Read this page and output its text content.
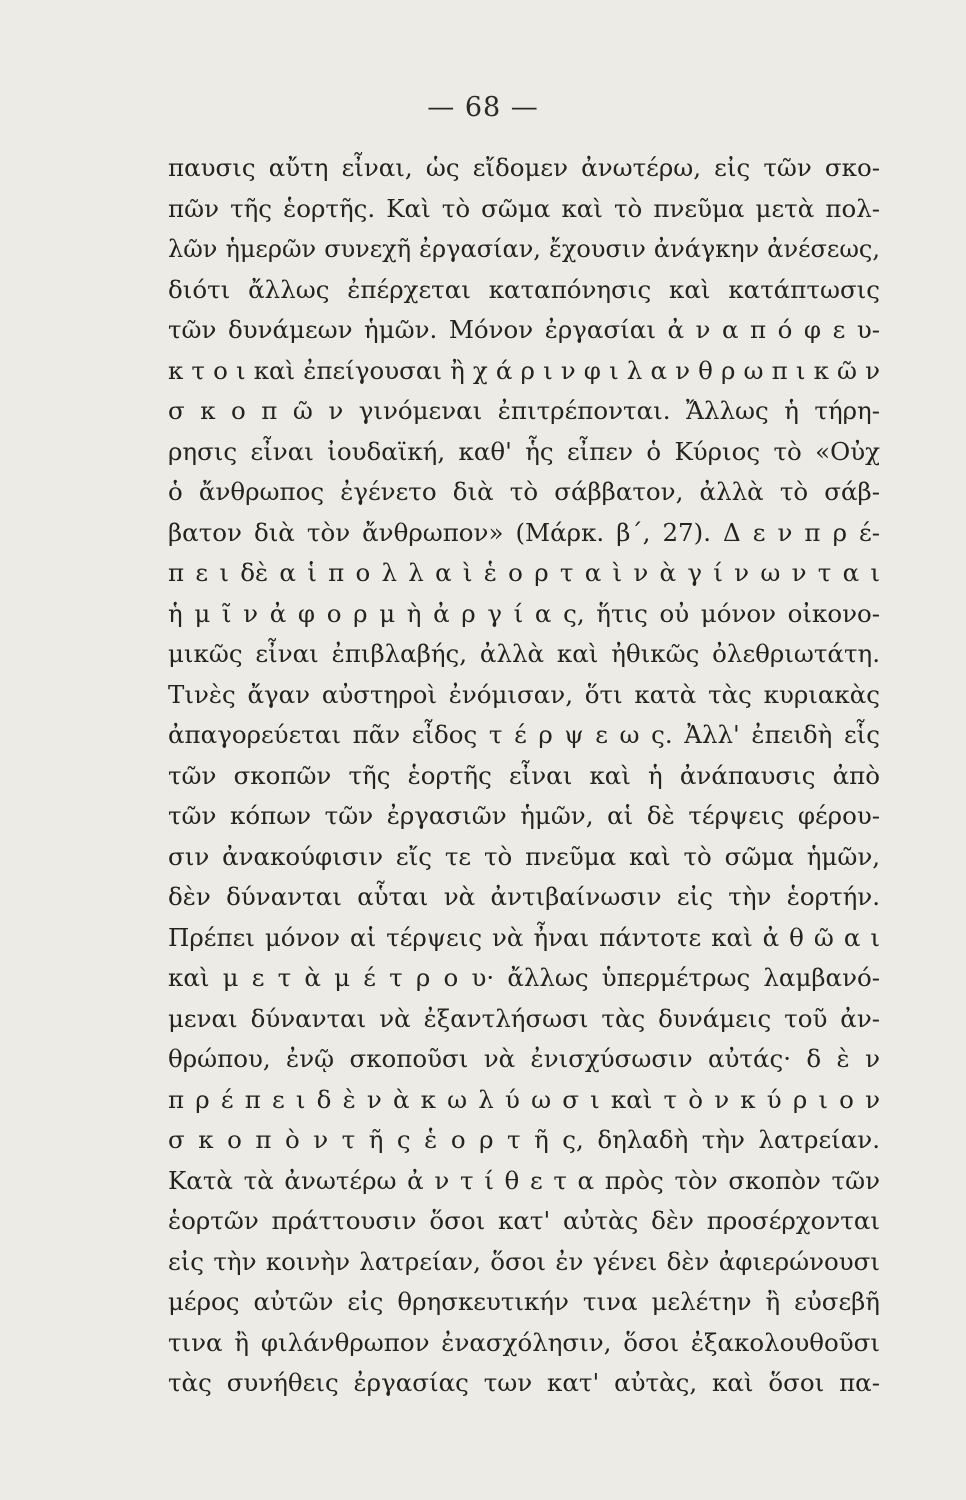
— 68 —
παυσις αὔτη εἶναι, ὡς εἴδομεν ἀνωτέρω, εἰς τῶν σκο-
πῶν τῆς ἑορτῆς. Καὶ τὸ σῶμα καὶ τὸ πνεῦμα μετὰ πολ-
λῶν ἡμερῶν συνεχῆ ἐργασίαν, ἔχουσιν ἀνάγκην ἀνέσεως,
διότι ἄλλως ἐπέρχεται καταπόνησις καὶ κατάπτωσις
τῶν δυνάμεων ἡμῶν. Μόνον ἐργασίαι ἀ ν α π ό φ ε υ-
κ τ ο ι καὶ ἐπείγουσαι ἢ χ ά ρ ι ν φ ι λ α ν θ ρ ω π ι κ ῶ ν
σ κ ο π ῶ ν γινόμεναι ἐπιτρέπονται. Ἄλλως ἡ τήρη-
ρησις εἶναι ἰουδαϊκή, καθ' ἧς εἶπεν ὁ Κύριος τὸ «Οὐχ
ὁ ἄνθρωπος ἐγένετο διὰ τὸ σάββατον, ἀλλὰ τὸ σάβ-
βατον διὰ τὸν ἄνθρωπον» (Μάρκ. β΄, 27). Δ ε ν π ρ έ-
π ε ι δὲ α ἱ π ο λ λ α ὶ ἑ ο ρ τ α ὶ ν ὰ γ ί ν ω ν τ α ι
ἡ μ ῖ ν ἀ φ ο ρ μ ὴ ἀ ρ γ ί α ς, ἥτις οὐ μόνον οἰκονο-
μικῶς εἶναι ἐπιβλαβής, ἀλλὰ καὶ ἠθικῶς ὀλεθριωτάτη.
Τινὲς ἄγαν αὐστηροὶ ἐνόμισαν, ὅτι κατὰ τὰς κυριακὰς
ἀπαγορεύεται πᾶν εἶδος τ έ ρ ψ ε ω ς. Ἀλλ' ἐπειδὴ εἷς
τῶν σκοπῶν τῆς ἑορτῆς εἶναι καὶ ἡ ἀνάπαυσις ἀπὸ
τῶν κόπων τῶν ἐργασιῶν ἡμῶν, αἱ δὲ τέρψεις φέρου-
σιν ἀνακούφισιν εἴς τε τὸ πνεῦμα καὶ τὸ σῶμα ἡμῶν,
δὲν δύνανται αὗται νὰ ἀντιβαίνωσιν εἰς τὴν ἑορτήν.
Πρέπει μόνον αἱ τέρψεις νὰ ἦναι πάντοτε καὶ ἀ θ ῶ α ι
καὶ μ ε τ ὰ μ έ τ ρ ο υ· ἄλλως ὑπερμέτρως λαμβανό-
μεναι δύνανται νὰ ἐξαντλήσωσι τὰς δυνάμεις τοῦ ἀν-
θρώπου, ἐνῷ σκοποῦσι νὰ ἐνισχύσωσιν αὐτάς· δ ὲ ν
π ρ έ π ε ι δ ὲ ν ὰ κ ω λ ύ ω σ ι καὶ τ ὸ ν κ ύ ρ ι ο ν
σ κ ο π ὸ ν τ ῆ ς ἑ ο ρ τ ῆ ς, δηλαδὴ τὴν λατρείαν.
Κατὰ τὰ ἀνωτέρω ἀ ν τ ί θ ε τ α πρὸς τὸν σκοπὸν τῶν
ἑορτῶν πράττουσιν ὅσοι κατ' αὐτὰς δὲν προσέρχονται
εἰς τὴν κοινὴν λατρείαν, ὅσοι ἐν γένει δὲν ἀφιερώνουσι
μέρος αὐτῶν εἰς θρησκευτικήν τινα μελέτην ἢ εὐσεβῆ
τινα ἢ φιλάνθρωπον ἐνασχόλησιν, ὅσοι ἐξακολουθοῦσι
τὰς συνήθεις ἐργασίας των κατ' αὐτὰς, καὶ ὅσοι πα-
